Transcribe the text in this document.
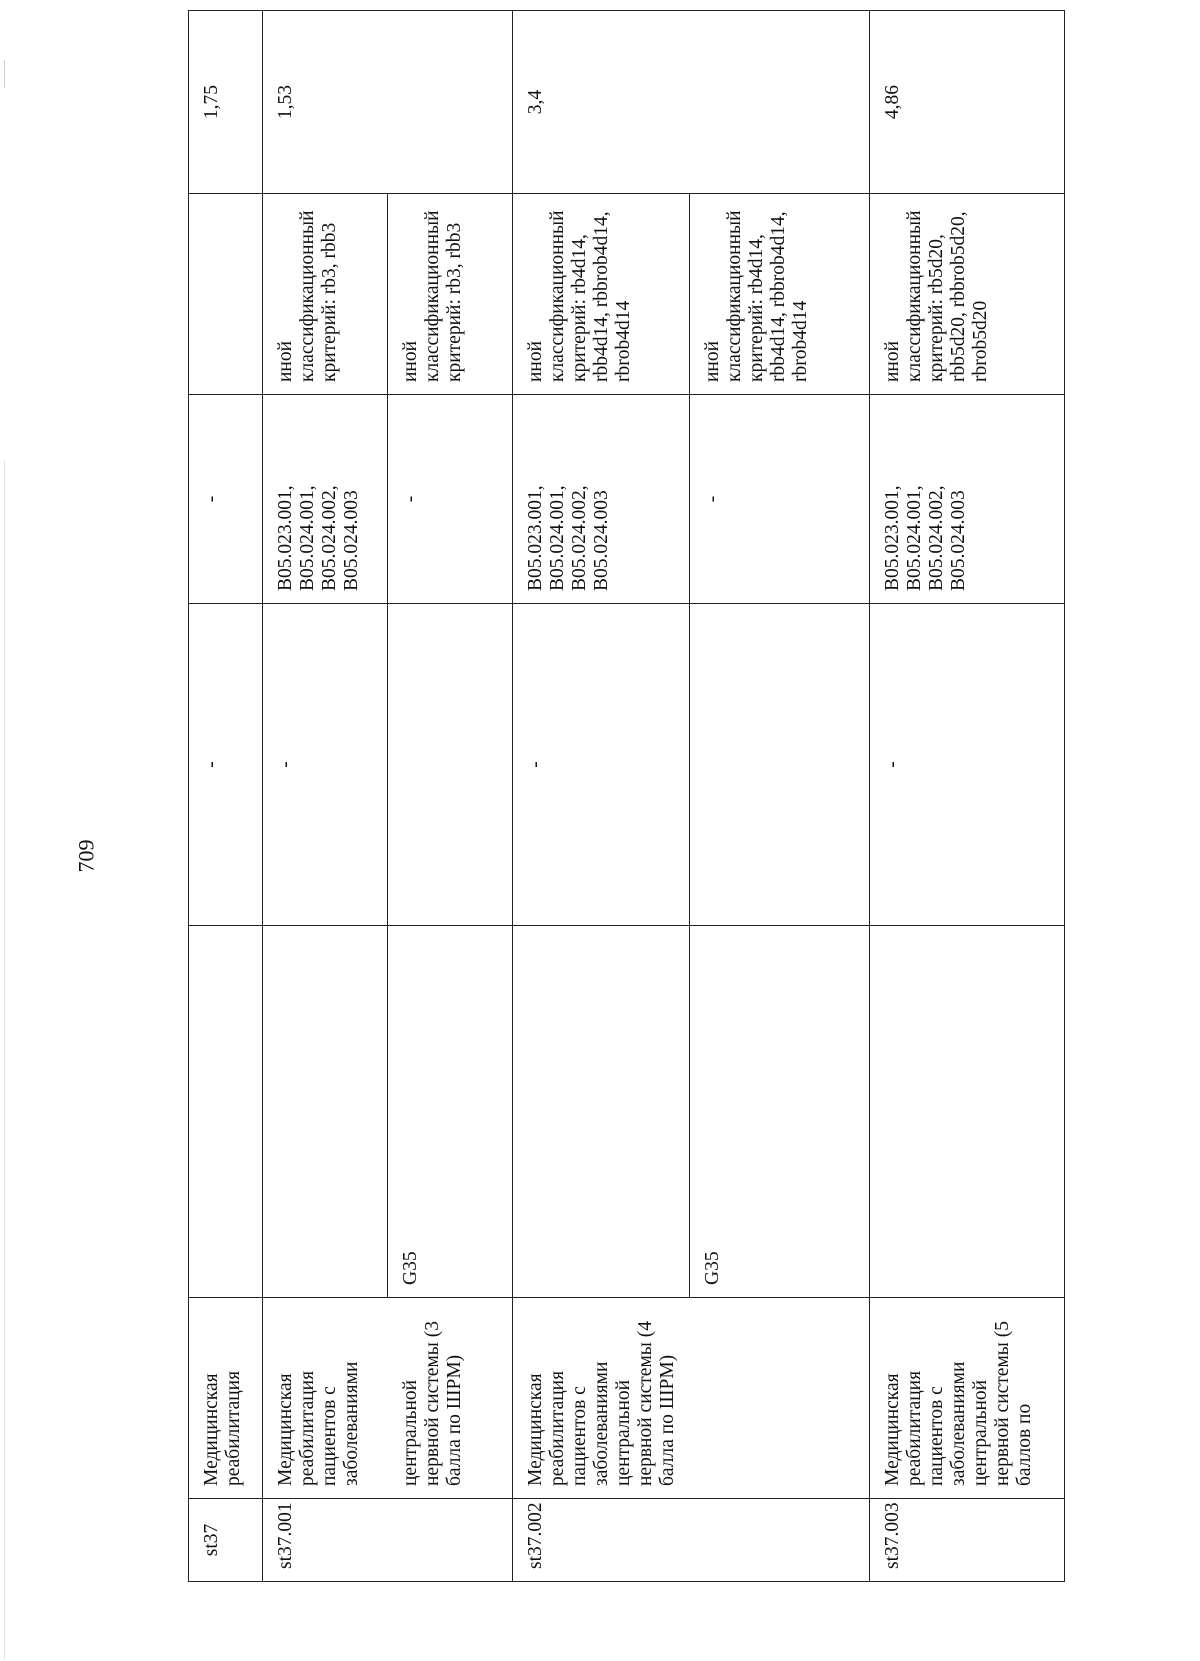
709
st37	Медицинская реабилитация		-	-		1,75
st37.001	Медицинская реабилитация пациентов с заболеваниями		-	B05.023.001, B05.024.001, B05.024.002, B05.024.003	иной классификационный критерий: rb3, rbb3	1,53
	центральной нервной системы (3 балла по ШРМ)	G35		-	иной классификационный критерий: rb3, rbb3	
st37.002	Медицинская реабилитация пациентов с заболеваниями центральной нервной системы (4 балла по ШРМ)		-	B05.023.001, B05.024.001, B05.024.002, B05.024.003	иной классификационный критерий: rb4d14, rbb4d14, rbbrob4d14, rbrob4d14	3,4
		G35		-	иной классификационный критерий: rb4d14, rbb4d14, rbbrob4d14, rbrob4d14	
st37.003	Медицинская реабилитация пациентов с заболеваниями центральной нервной системы (5 баллов по		-	B05.023.001, B05.024.001, B05.024.002, B05.024.003	иной классификационный критерий: rb5d20, rbb5d20, rbbrob5d20, rbrob5d20	4,86
